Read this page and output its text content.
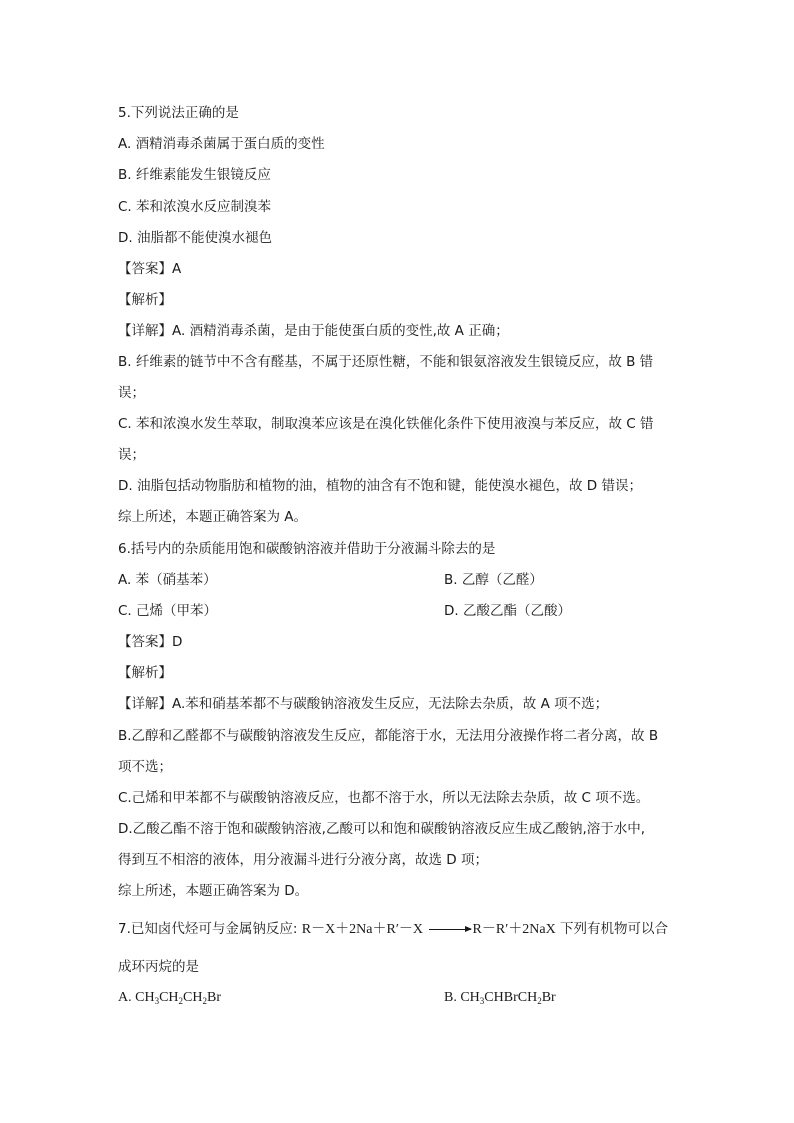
5.下列说法正确的是
A. 酒精消毒杀菌属于蛋白质的变性
B. 纤维素能发生银镜反应
C. 苯和浓溴水反应制溴苯
D. 油脂都不能使溴水褪色
【答案】A
【解析】
【详解】A. 酒精消毒杀菌，是由于能使蛋白质的变性,故 A 正确；
B. 纤维素的链节中不含有醛基，不属于还原性糖，不能和银氨溶液发生银镜反应，故 B 错
误；
C. 苯和浓溴水发生萃取，制取溴苯应该是在溴化铁催化条件下使用液溴与苯反应，故 C 错
误；
D. 油脂包括动物脂肪和植物的油，植物的油含有不饱和键，能使溴水褪色，故 D 错误；
综上所述，本题正确答案为 A。
6.括号内的杂质能用饱和碳酸钠溶液并借助于分液漏斗除去的是
A. 苯（硝基苯）	B. 乙醇（乙醛）
C. 己烯（甲苯）	D. 乙酸乙酯（乙酸）
【答案】D
【解析】
【详解】A.苯和硝基苯都不与碳酸钠溶液发生反应，无法除去杂质，故 A 项不选；
B.乙醇和乙醛都不与碳酸钠溶液发生反应，都能溶于水，无法用分液操作将二者分离，故 B
项不选；
C.己烯和甲苯都不与碳酸钠溶液反应，也都不溶于水，所以无法除去杂质，故 C 项不选。
D.乙酸乙酯不溶于饱和碳酸钠溶液,乙酸可以和饱和碳酸钠溶液反应生成乙酸钠,溶于水中,
得到互不相溶的液体，用分液漏斗进行分液分离，故选 D 项；
综上所述，本题正确答案为 D。
7.已知卤代烃可与金属钠反应: R－X＋2Na＋R′－X → R－R′＋2NaX 下列有机物可以合
成环丙烷的是
A. $CH_3CH_2CH_2Br$	B. $CH_3CHBrCH_2Br$
